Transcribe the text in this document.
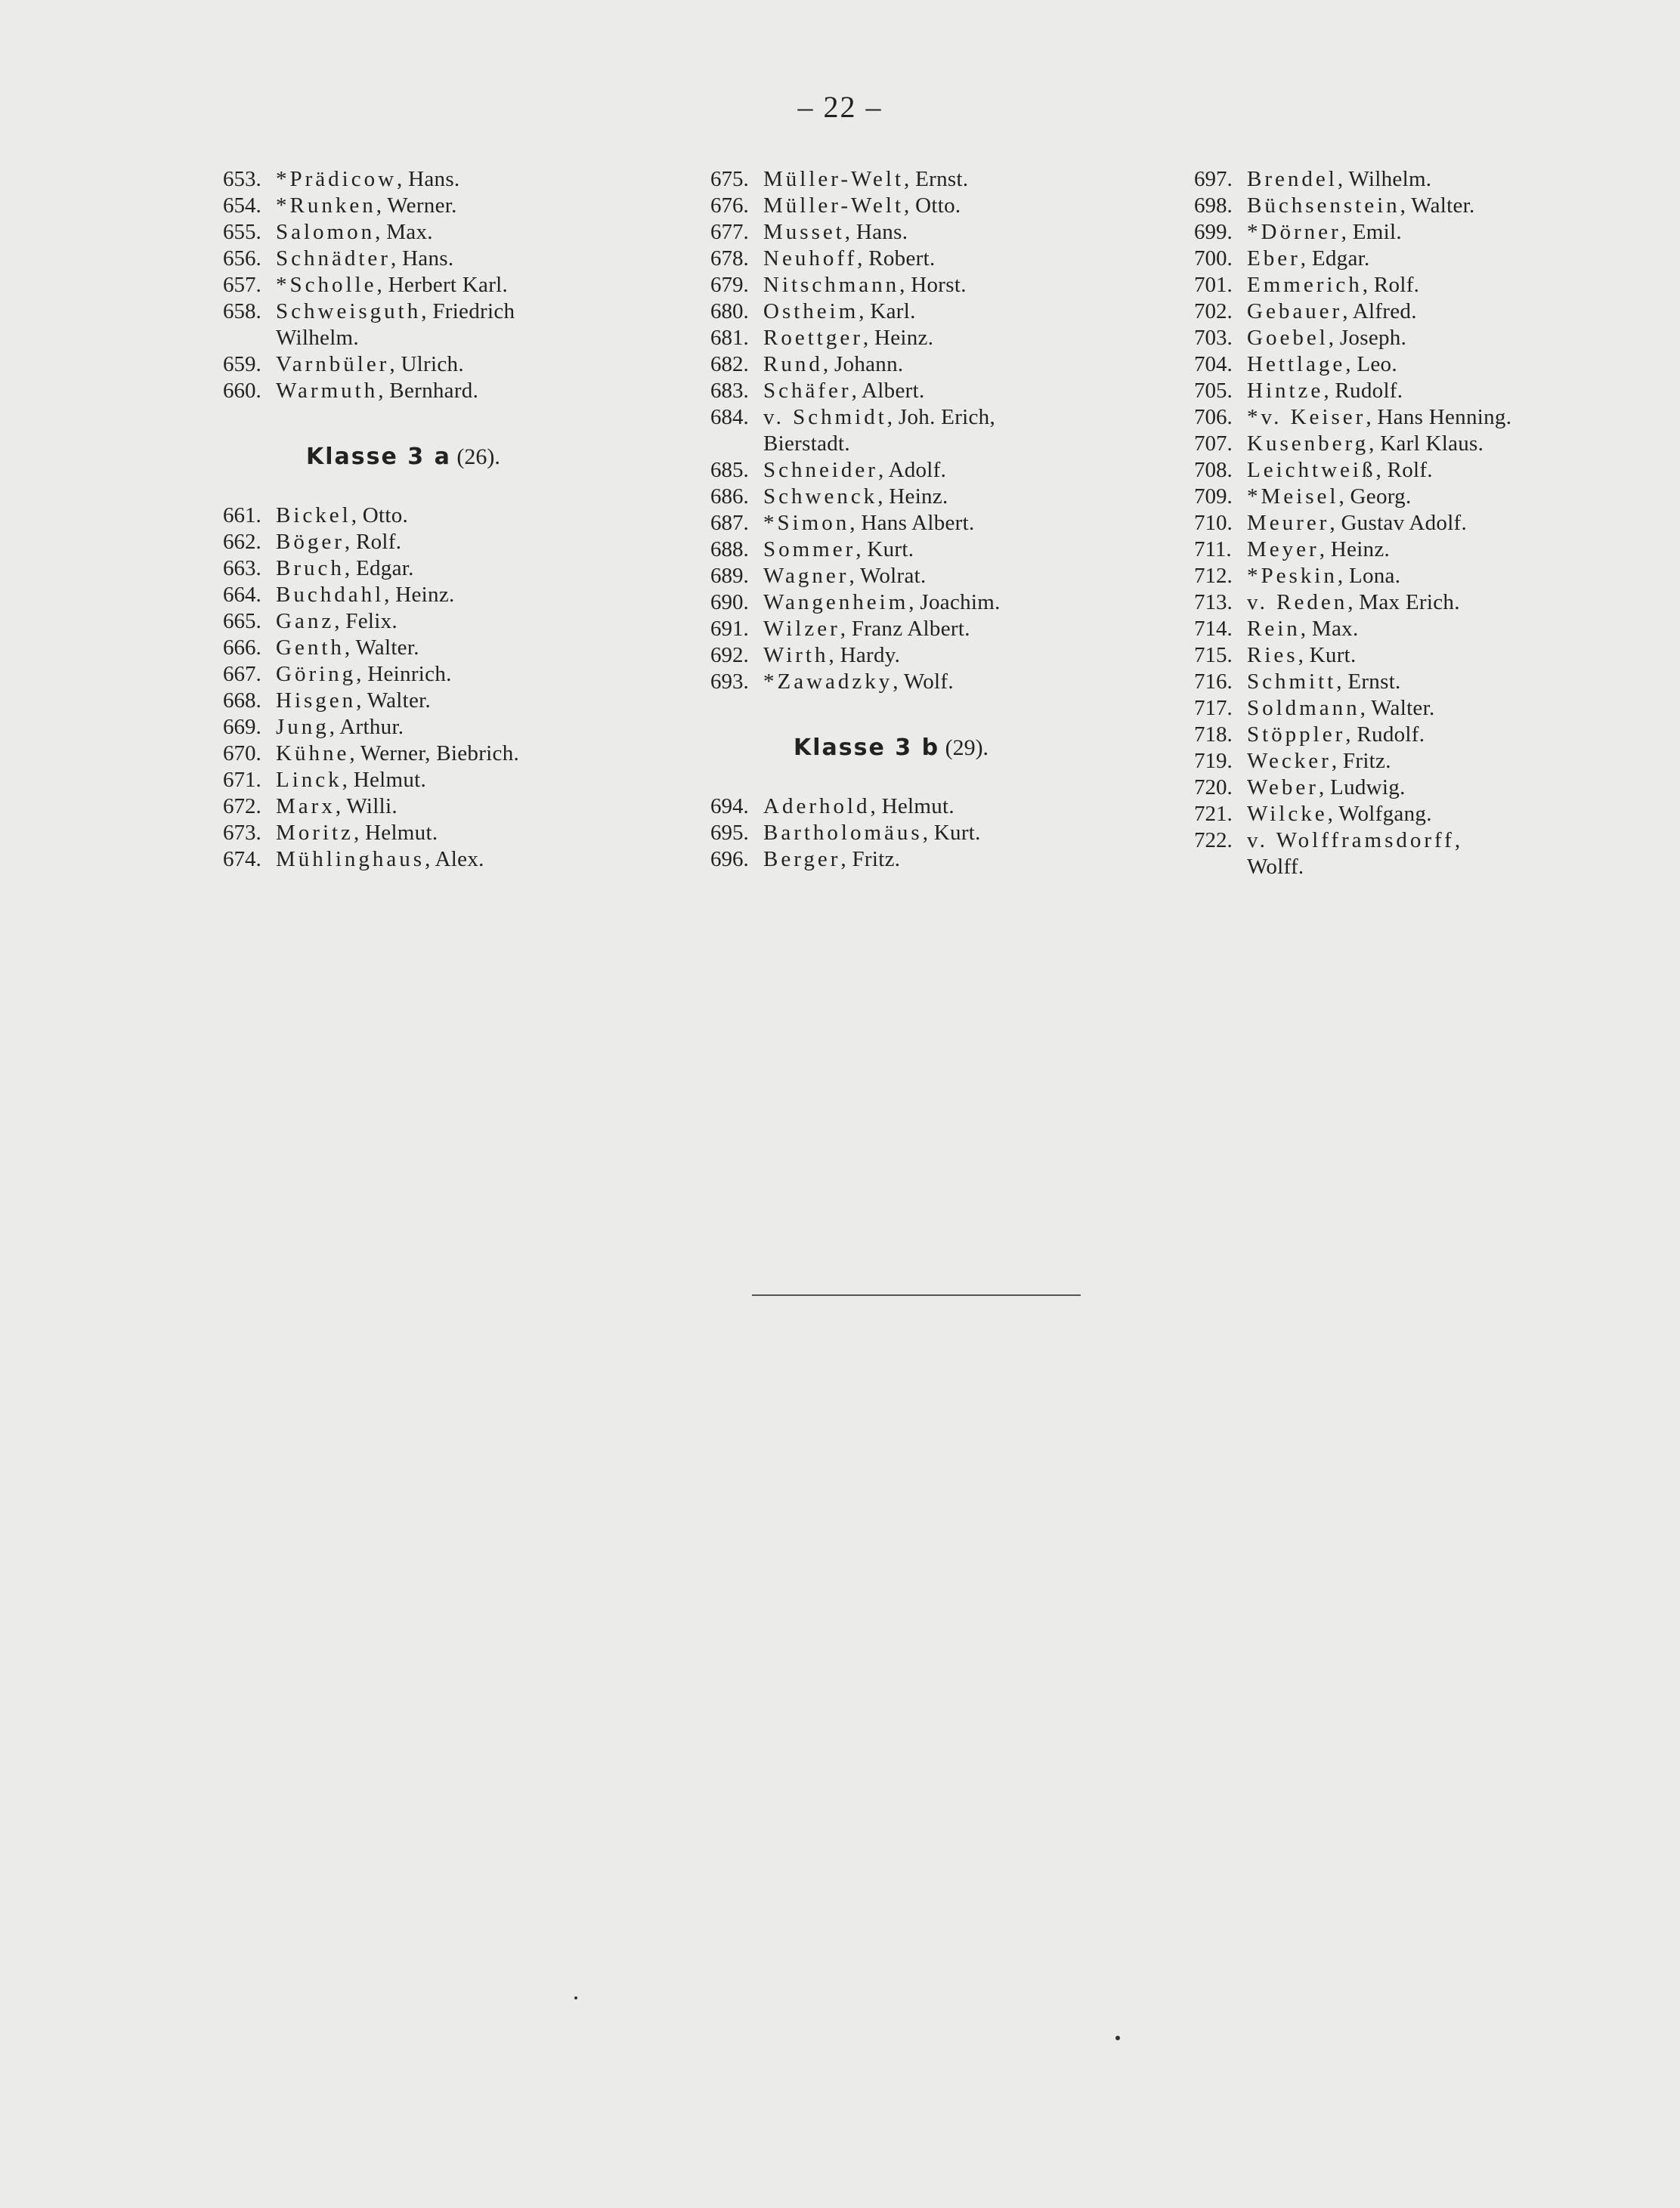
– 22 –
653. *Prädicow, Hans.
654. *Runken, Werner.
655. Salomon, Max.
656. Schnädter, Hans.
657. *Scholle, Herbert Karl.
658. Schweisguth, Friedrich
Wilhelm.
659. Varnbüler, Ulrich.
660. Warmuth, Bernhard.
Klasse 3 a (26).
661. Bickel, Otto.
662. Böger, Rolf.
663. Bruch, Edgar.
664. Buchdahl, Heinz.
665. Ganz, Felix.
666. Genth, Walter.
667. Göring, Heinrich.
668. Hisgen, Walter.
669. Jung, Arthur.
670. Kühne, Werner, Biebrich.
671. Linck, Helmut.
672. Marx, Willi.
673. Moritz, Helmut.
674. Mühlinghaus, Alex.
675. Müller-Welt, Ernst.
676. Müller-Welt, Otto.
677. Musset, Hans.
678. Neuhoff, Robert.
679. Nitschmann, Horst.
680. Ostheim, Karl.
681. Roettger, Heinz.
682. Rund, Johann.
683. Schäfer, Albert.
684. v. Schmidt, Joh. Erich,
Bierstadt.
685. Schneider, Adolf.
686. Schwenck, Heinz.
687. *Simon, Hans Albert.
688. Sommer, Kurt.
689. Wagner, Wolrat.
690. Wangenheim, Joachim.
691. Wilzer, Franz Albert.
692. Wirth, Hardy.
693. *Zawadzky, Wolf.
Klasse 3 b (29).
694. Aderhold, Helmut.
695. Bartholomäus, Kurt.
696. Berger, Fritz.
697. Brendel, Wilhelm.
698. Büchsenstein, Walter.
699. *Dörner, Emil.
700. Eber, Edgar.
701. Emmerich, Rolf.
702. Gebauer, Alfred.
703. Goebel, Joseph.
704. Hettlage, Leo.
705. Hintze, Rudolf.
706. *v. Keiser, Hans Henning.
707. Kusenberg, Karl Klaus.
708. Leichtweiß, Rolf.
709. *Meisel, Georg.
710. Meurer, Gustav Adolf.
711. Meyer, Heinz.
712. *Peskin, Lona.
713. v. Reden, Max Erich.
714. Rein, Max.
715. Ries, Kurt.
716. Schmitt, Ernst.
717. Soldmann, Walter.
718. Stöppler, Rudolf.
719. Wecker, Fritz.
720. Weber, Ludwig.
721. Wilcke, Wolfgang.
722. v. Wolfframsdorff,
Wolff.
